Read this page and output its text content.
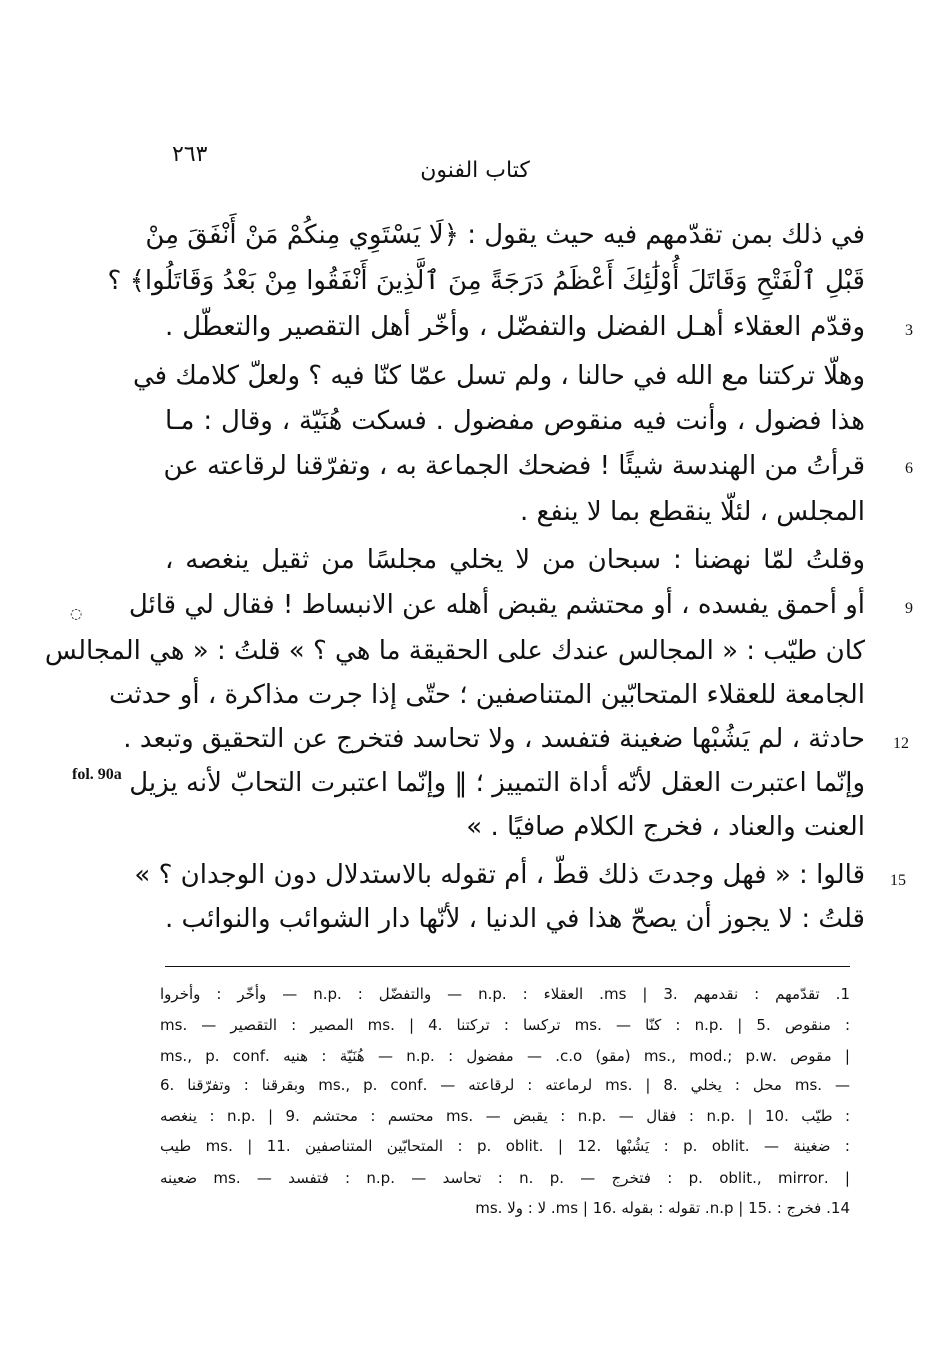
٢٦٣
كتاب الفنون
في ذلك بمن تقدّمهم فيه حيث يقول : ﴿لَا يَسْتَوِي مِنكُمْ مَنْ أَنْفَقَ مِنْ
قَبْلِ ٱلْفَتْحِ وَقَاتَلَ أُوْلَٰئِكَ أَعْظَمُ دَرَجَةً مِنَ ٱلَّذِينَ أَنْفَقُوا مِنْ بَعْدُ وَقَاتَلُوا﴾ ؟
وقدّم العقلاء أهـل الفضل والتفضّل ، وأخّر أهل التقصير والتعطّل .
وهلّا تركتنا مع الله في حالنا ، ولم تسل عمّا كنّا فيه ؟ ولعلّ كلامك في
هذا فضول ، وأنت فيه منقوص مفضول . فسكت هُنَيّة ، وقال : مـا
قرأتُ من الهندسة شيئًا ! فضحك الجماعة به ، وتفرّقنا لرقاعته عن
المجلس ، لئلّا ينقطع بما لا ينفع .
وقلتُ لمّا نهضنا : سبحان من لا يخلي مجلسًا من ثقيل ينغصه ،
أو أحمق يفسده ، أو محتشم يقبض أهله عن الانبساط ! فقال لي قائل
كان طيّب : « المجالس عندك على الحقيقة ما هي ؟ » قلتُ : « هي المجالس
الجامعة للعقلاء المتحابّين المتناصفين ؛ حتّى إذا جرت مذاكرة ، أو حدثت
حادثة ، لم يَشُبْها ضغينة فتفسد ، ولا تحاسد فتخرج عن التحقيق وتبعد .
وإنّما اعتبرت العقل لأنّه أداة التمييز ؛ ‖ وإنّما اعتبرت التحابّ لأنه يزيل
العنت والعناد ، فخرج الكلام صافيًا . »
قالوا : « فهل وجدتَ ذلك قطّ ، أم تقوله بالاستدلال دون الوجدان ؟ »
قلتُ : لا يجوز أن يصحّ هذا في الدنيا ، لأنّها دار الشوائب والنوائب .
3
6
9
12
15
◌
fol. 90a
1. تقدّمهم : نقدمهم .ms | 3. العقلاء : .n.p — والتفضّل : .n.p — وأخّر : وأخروا
: منقوص .5 | .n.p : كنّا — .ms تركسا : تركتنا .4 | .ms المصير : التقصير — .ms
| مقوص .ms., mod.; p.w (مقو) c.o. — مفضول : .n.p — هُنَيّة : هنيه .ms., p. conf
— .ms محل : يخلي .8 | .ms لرماعته : لرقاعته — .ms., p. conf وبقرقنا : وتفرّقنا .6
: طيّب .10 | .n.p : فقال — .n.p : يقبض — .ms محتسم : محتشم .9 | .n.p : ينغصه
: ضغينة — .p. oblit : يَشُبْها .12 | .p. oblit : المتحابّين المتناصفين .11 | .ms طيب
| .p. oblit., mirror : فتخرج — .n. p : تحاسد — .n.p : فتفسد — .ms ضعينه
14. فخرج : .n.p | 15. تقوله : بقوله .ms | 16. لا : ولا .ms
